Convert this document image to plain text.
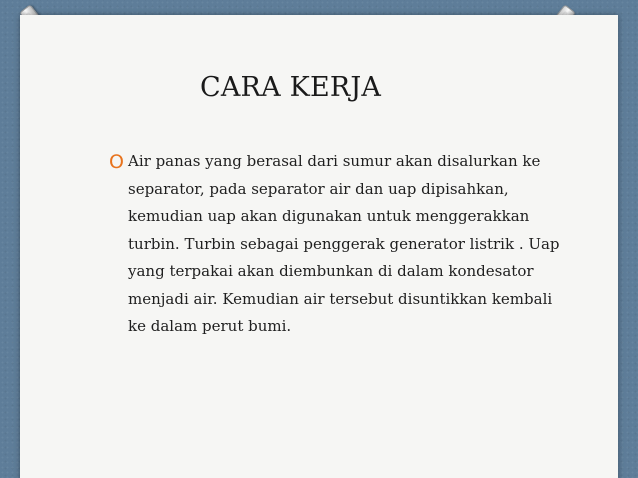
CARA KERJA
O Air panas yang berasal dari sumur akan disalurkan ke
separator, pada separator air dan uap dipisahkan,
kemudian uap akan digunakan untuk menggerakkan
turbin. Turbin sebagai penggerak generator listrik . Uap
yang terpakai akan diembunkan di dalam kondesator
menjadi air. Kemudian air tersebut disuntikkan kembali
ke dalam perut bumi.
